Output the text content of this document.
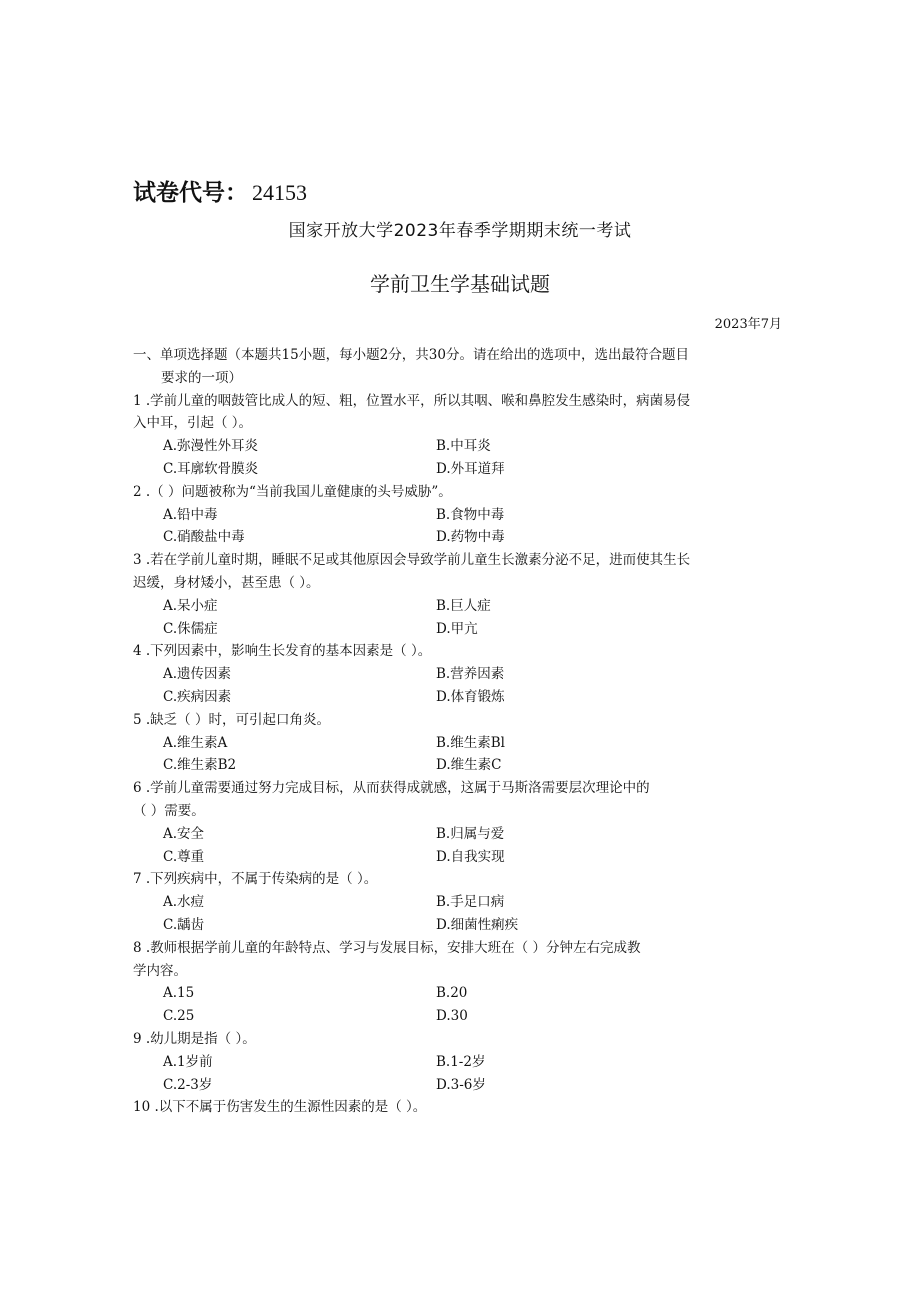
试卷代号： 24153
国家开放大学2023年春季学期期末统一考试
学前卫生学基础试题
2023年7月
一、单项选择题（本题共15小题，每小题2分，共30分。请在给出的选项中，选出最符合题目
要求的一项）
1 .学前儿童的咽鼓管比成人的短、粗，位置水平，所以其咽、喉和鼻腔发生感染时，病菌易侵
入中耳，引起（ ）。
A.弥漫性外耳炎	B.中耳炎
C.耳廓软骨膜炎	D.外耳道拜
2 .（ ）问题被称为“当前我国儿童健康的头号威胁”。
A.铅中毒	B.食物中毒
C.硝酸盐中毒	D.药物中毒
3 .若在学前儿童时期，睡眠不足或其他原因会导致学前儿童生长激素分泌不足，进而使其生长
迟缓，身材矮小，甚至患（ ）。
A.呆小症	B.巨人症
C.侏儒症	D.甲亢
4 .下列因素中，影响生长发育的基本因素是（ ）。
A.遗传因素	B.营养因素
C.疾病因素	D.体育锻炼
5 .缺乏（ ）时，可引起口角炎。
A.维生素A	B.维生素Bl
C.维生素B2	D.维生素C
6 .学前儿童需要通过努力完成目标，从而获得成就感，这属于马斯洛需要层次理论中的
（ ）需要。
A.安全	B.归属与爱
C.尊重	D.自我实现
7 .下列疾病中，不属于传染病的是（ ）。
A.水痘	B.手足口病
C.龋齿	D.细菌性痢疾
8 .教师根据学前儿童的年龄特点、学习与发展目标，安排大班在（ ）分钟左右完成教
学内容。
A.15	B.20
C.25	D.30
9 .幼儿期是指（ ）。
A.1岁前	B.1-2岁
C.2-3岁	D.3-6岁
10 .以下不属于伤害发生的生源性因素的是（ ）。
